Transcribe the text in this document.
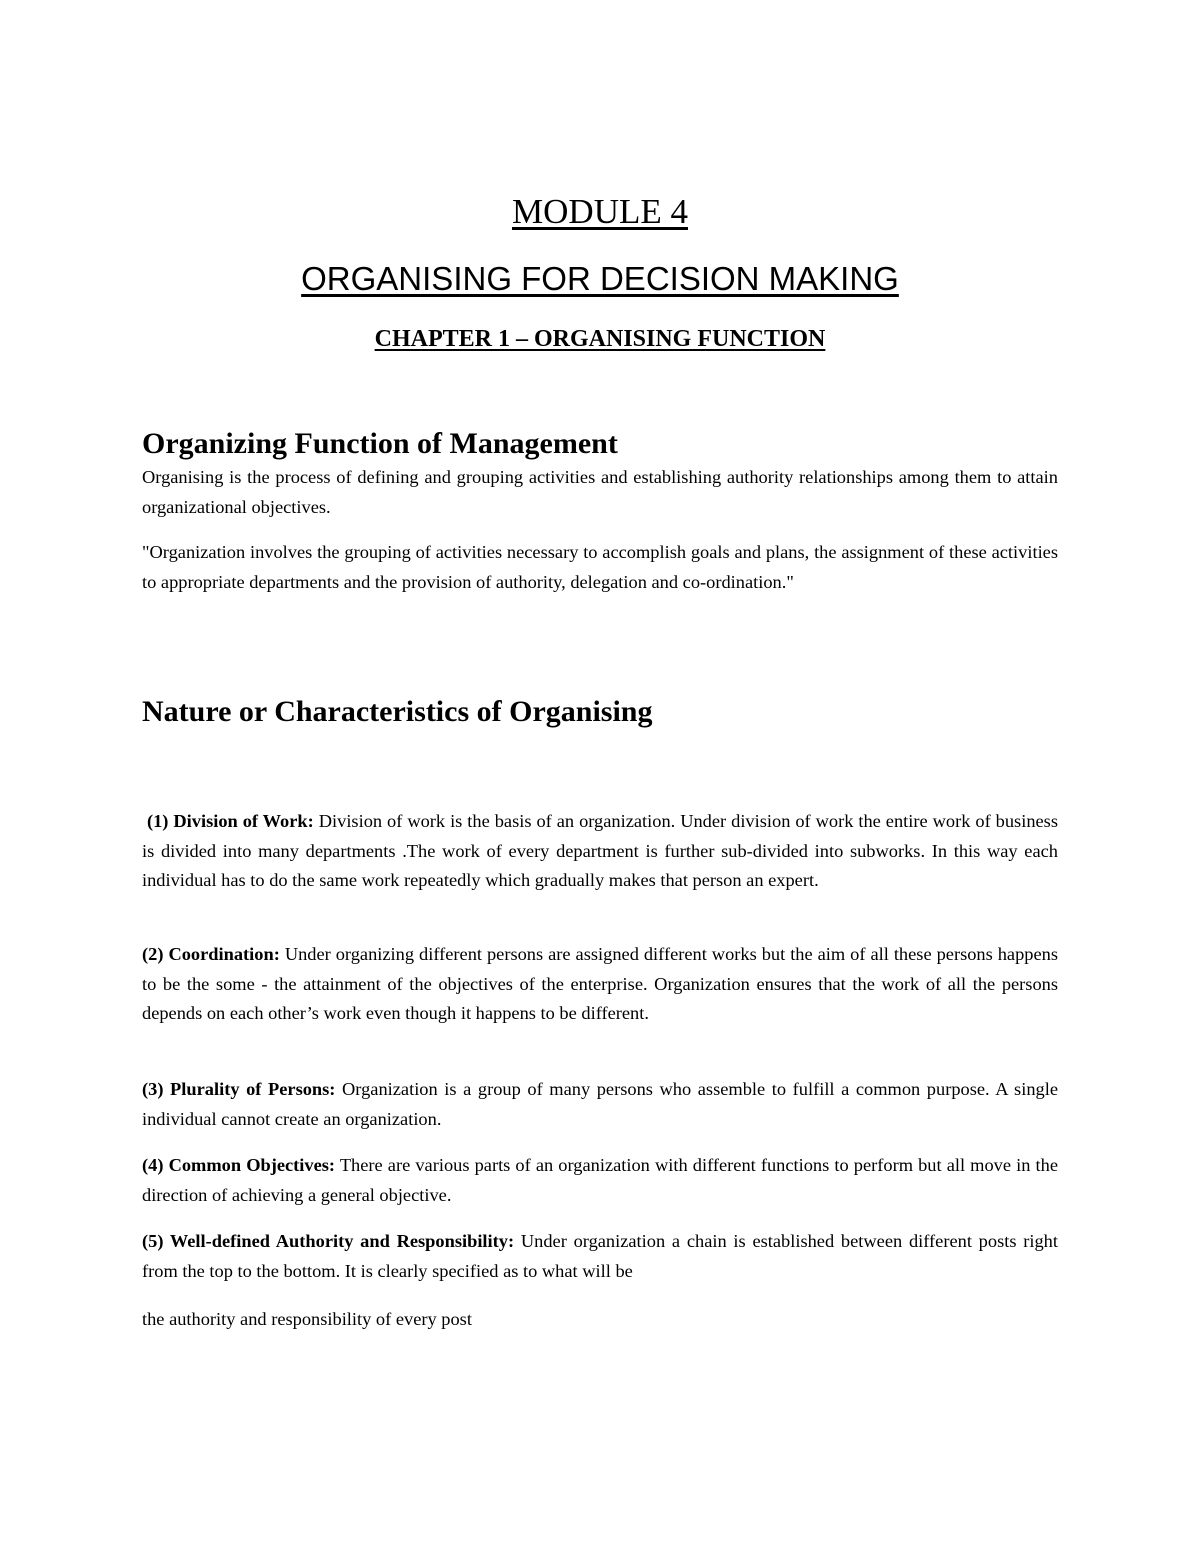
MODULE 4
ORGANISING FOR DECISION MAKING
CHAPTER 1 – ORGANISING FUNCTION
Organizing Function of Management

Organising is the process of defining and grouping activities and establishing authority relationships among them to attain organizational objectives.

"Organization involves the grouping of activities necessary to accomplish goals and plans, the assignment of these activities to appropriate departments and the provision of authority, delegation and co-ordination."

Nature or Characteristics of Organising

(1) Division of Work: Division of work is the basis of an organization. Under division of work the entire work of business is divided into many departments .The work of every department is further sub-divided into subworks. In this way each individual has to do the same work repeatedly which gradually makes that person an expert.

(2) Coordination: Under organizing different persons are assigned different works but the aim of all these persons happens to be the some - the attainment of the objectives of the enterprise. Organization ensures that the work of all the persons depends on each other’s work even though it happens to be different.

(3) Plurality of Persons: Organization is a group of many persons who assemble to fulfill a common purpose. A single individual cannot create an organization.

(4) Common Objectives: There are various parts of an organization with different functions to perform but all move in the direction of achieving a general objective.

(5) Well-defined Authority and Responsibility: Under organization a chain is established between different posts right from the top to the bottom. It is clearly specified as to what will be

the authority and responsibility of every post
